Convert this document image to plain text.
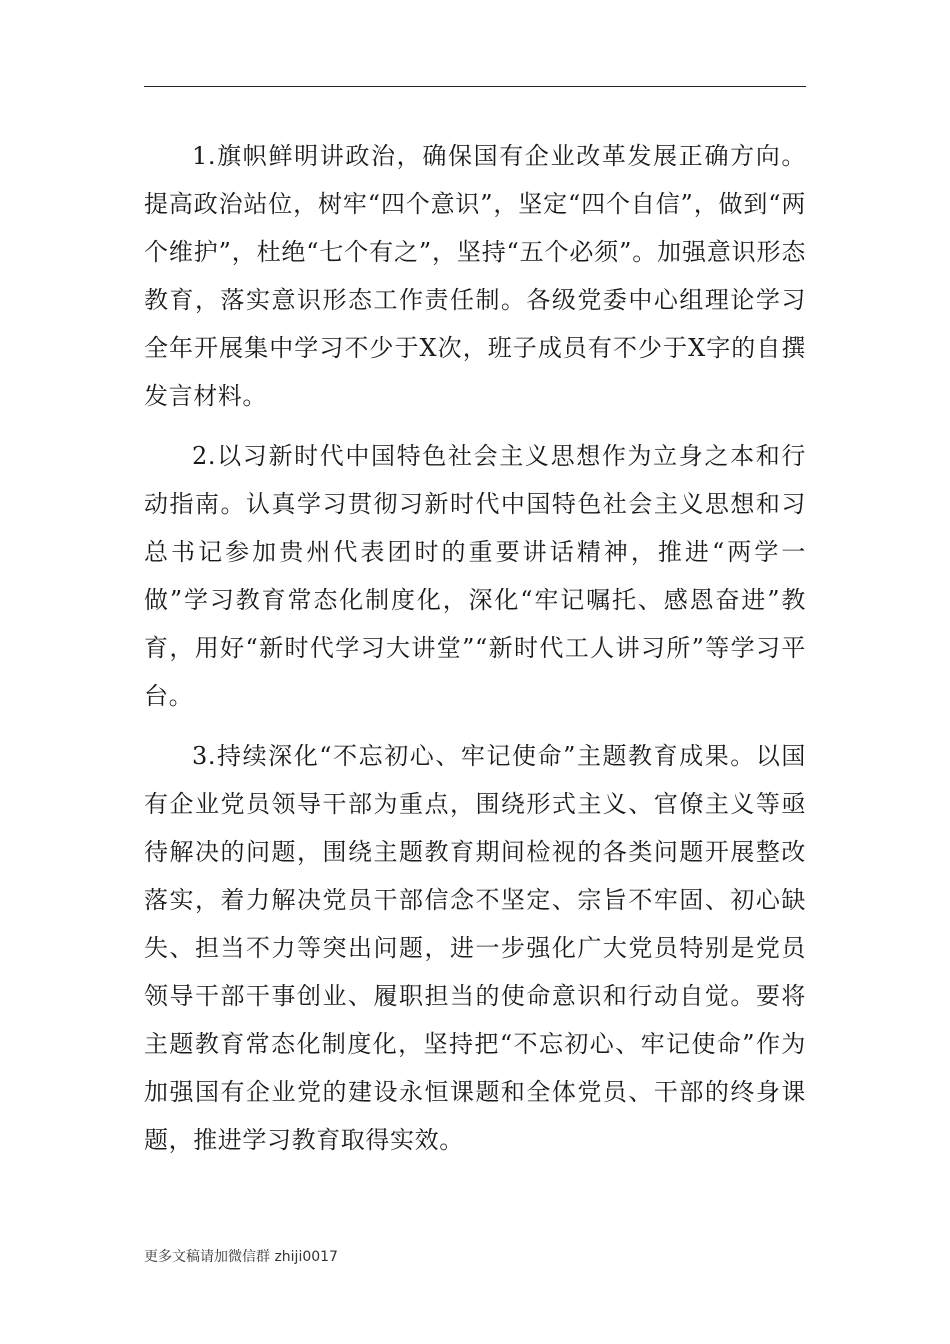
1.旗帜鲜明讲政治，确保国有企业改革发展正确方向。提高政治站位，树牢“四个意识”，坚定“四个自信”，做到“两个维护”，杜绝“七个有之”，坚持“五个必须”。加强意识形态教育，落实意识形态工作责任制。各级党委中心组理论学习全年开展集中学习不少于X次，班子成员有不少于X字的自撰发言材料。

2.以习新时代中国特色社会主义思想作为立身之本和行动指南。认真学习贯彻习新时代中国特色社会主义思想和习总书记参加贵州代表团时的重要讲话精神，推进“两学一做”学习教育常态化制度化，深化“牢记嘱托、感恩奋进”教育，用好“新时代学习大讲堂”“新时代工人讲习所”等学习平台。

3.持续深化“不忘初心、牢记使命”主题教育成果。以国有企业党员领导干部为重点，围绕形式主义、官僚主义等亟待解决的问题，围绕主题教育期间检视的各类问题开展整改落实，着力解决党员干部信念不坚定、宗旨不牢固、初心缺失、担当不力等突出问题，进一步强化广大党员特别是党员领导干部干事创业、履职担当的使命意识和行动自觉。要将主题教育常态化制度化，坚持把“不忘初心、牢记使命”作为加强国有企业党的建设永恒课题和全体党员、干部的终身课题，推进学习教育取得实效。

更多文稿请加微信群 zhiji0017
